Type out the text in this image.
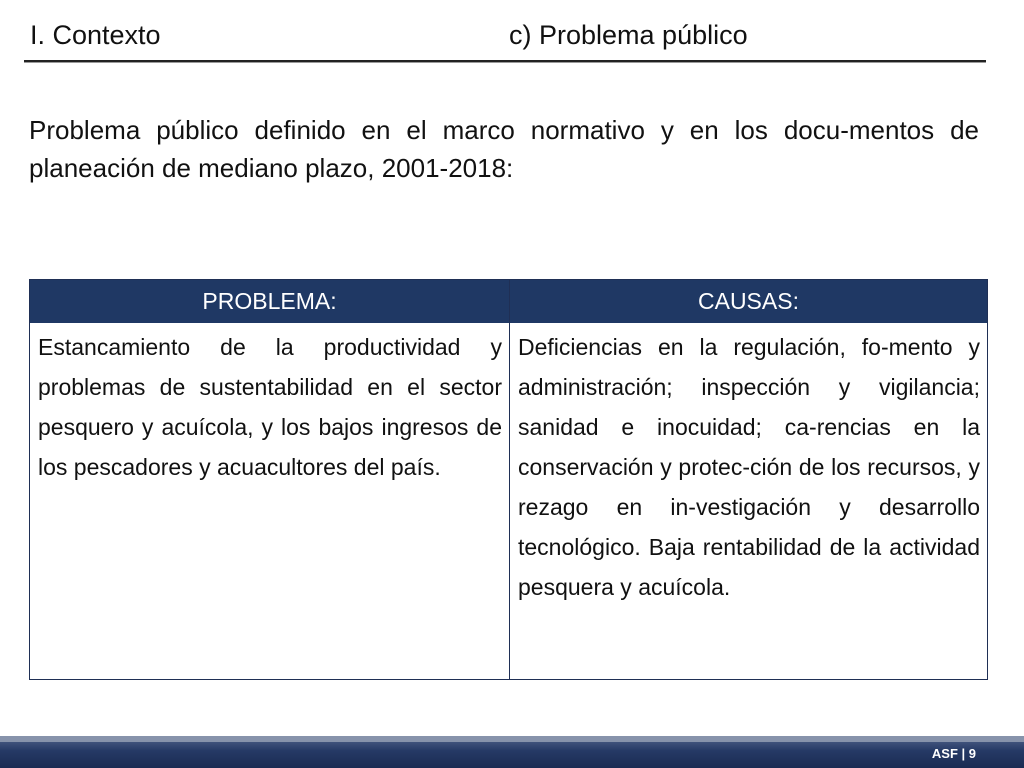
I. Contexto	c) Problema público
Problema público definido en el marco normativo y en los docu-mentos de planeación de mediano plazo, 2001-2018:
PROBLEMA:	CAUSAS:
Estancamiento de la productividad y problemas de sustentabilidad en el sector pesquero y acuícola, y los bajos ingresos de los pescadores y acuacultores del país.
Deficiencias en la regulación, fo-mento y administración; inspección y vigilancia; sanidad e inocuidad; ca-rencias en la conservación y protec-ción de los recursos, y rezago en in-vestigación y desarrollo tecnológico. Baja rentabilidad de la actividad pesquera y acuícola.
ASF | 9
